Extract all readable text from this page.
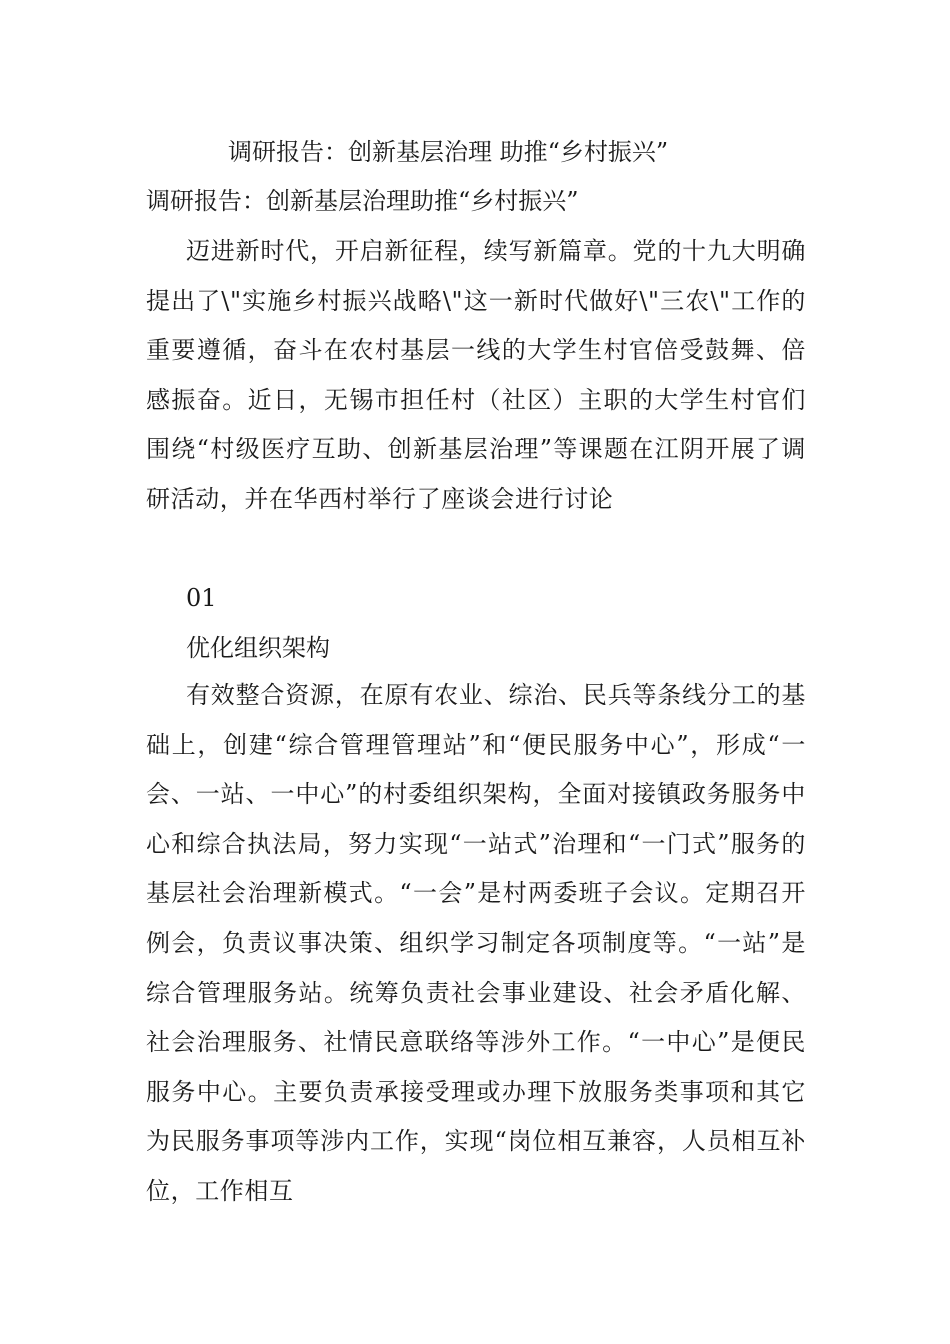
调研报告：创新基层治理 助推“乡村振兴”
调研报告：创新基层治理助推“乡村振兴”

迈进新时代，开启新征程，续写新篇章。党的十九大明确提出了\"实施乡村振兴战略\"这一新时代做好\"三农\"工作的重要遵循，奋斗在农村基层一线的大学生村官倍受鼓舞、倍感振奋。近日，无锡市担任村（社区）主职的大学生村官们围绕“村级医疗互助、创新基层治理”等课题在江阴开展了调研活动，并在华西村举行了座谈会进行讨论

01
优化组织架构

有效整合资源，在原有农业、综治、民兵等条线分工的基础上，创建“综合管理管理站”和“便民服务中心”，形成“一会、一站、一中心”的村委组织架构，全面对接镇政务服务中心和综合执法局，努力实现“一站式”治理和“一门式”服务的基层社会治理新模式。“一会”是村两委班子会议。定期召开例会，负责议事决策、组织学习制定各项制度等。“一站”是综合管理服务站。统筹负责社会事业建设、社会矛盾化解、社会治理服务、社情民意联络等涉外工作。“一中心”是便民服务中心。主要负责承接受理或办理下放服务类事项和其它为民服务事项等涉内工作，实现“岗位相互兼容，人员相互补位，工作相互
